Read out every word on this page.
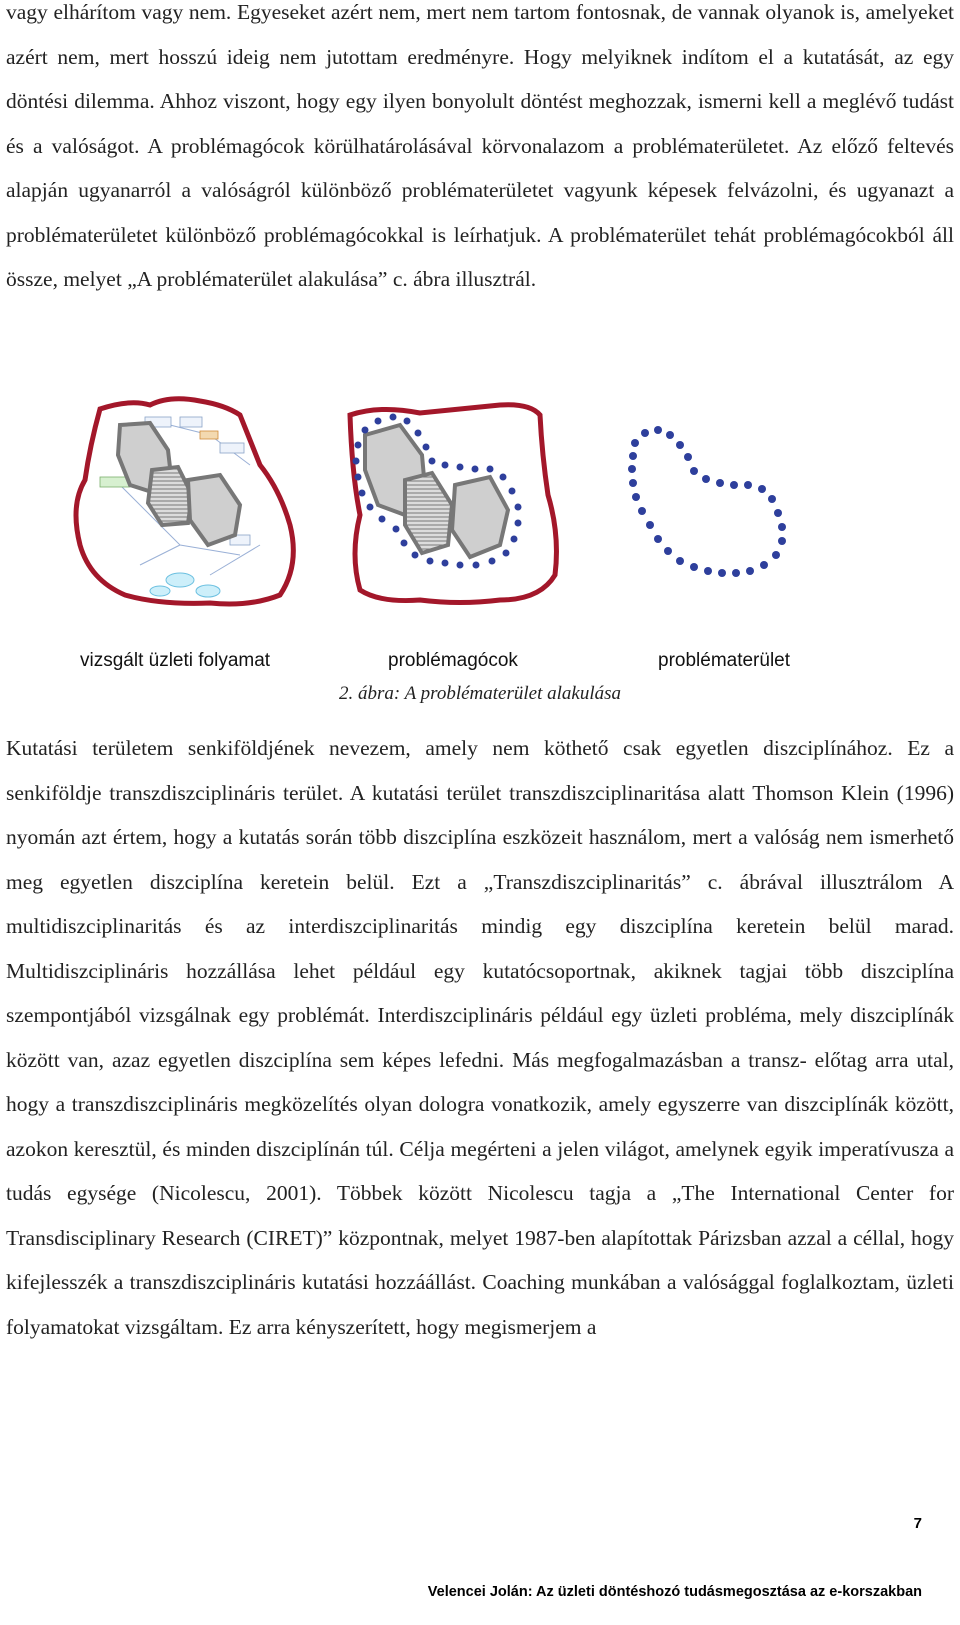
vagy elhárítom vagy nem. Egyeseket azért nem, mert nem tartom fontosnak, de vannak olyanok is, amelyeket azért nem, mert hosszú ideig nem jutottam eredményre. Hogy melyiknek indítom el a kutatását, az egy döntési dilemma. Ahhoz viszont, hogy egy ilyen bonyolult döntést meghozzak, ismerni kell a meglévő tudást és a valóságot. A problémagócok körülhatárolásával körvonalazom a problématerületet. Az előző feltevés alapján ugyanarról a valóságról különböző problématerületet vagyunk képesek felvázolni, és ugyanazt a problématerületet különböző problémagócokkal is leírhatjuk. A problématerület tehát problémagócokból áll össze, melyet „A problématerület alakulása” c. ábra illusztrál.

vizsgált üzleti folyamat	problémagócok	problématerület
2. ábra: A problématerület alakulása

Kutatási területem senkiföldjének nevezem, amely nem köthető csak egyetlen diszciplínához. Ez a senkiföldje transzdiszciplináris terület. A kutatási terület transzdiszciplinaritása alatt Thomson Klein (1996) nyomán azt értem, hogy a kutatás során több diszciplína eszközeit használom, mert a valóság nem ismerhető meg egyetlen diszciplína keretein belül. Ezt a „Transzdiszciplinaritás” c. ábrával illusztrálom A multidiszciplinaritás és az interdiszciplinaritás mindig egy diszciplína keretein belül marad. Multidiszciplináris hozzállása lehet például egy kutatócsoportnak, akiknek tagjai több diszciplína szempontjából vizsgálnak egy problémát. Interdiszciplináris például egy üzleti probléma, mely diszciplínák között van, azaz egyetlen diszciplína sem képes lefedni. Más megfogalmazásban a transz- előtag arra utal, hogy a transzdiszciplináris megközelítés olyan dologra vonatkozik, amely egyszerre van diszciplínák között, azokon keresztül, és minden diszciplínán túl. Célja megérteni a jelen világot, amelynek egyik imperatívusza a tudás egysége (Nicolescu, 2001). Többek között Nicolescu tagja a „The International Center for Transdisciplinary Research (CIRET)” központnak, melyet 1987-ben alapítottak Párizsban azzal a céllal, hogy kifejlesszék a transzdiszciplináris kutatási hozzáállást. Coaching munkában a valósággal foglalkoztam, üzleti folyamatokat vizsgáltam. Ez arra kényszerített, hogy megismerjem a

7
Velencei Jolán: Az üzleti döntéshozó tudásmegosztása az e-korszakban
